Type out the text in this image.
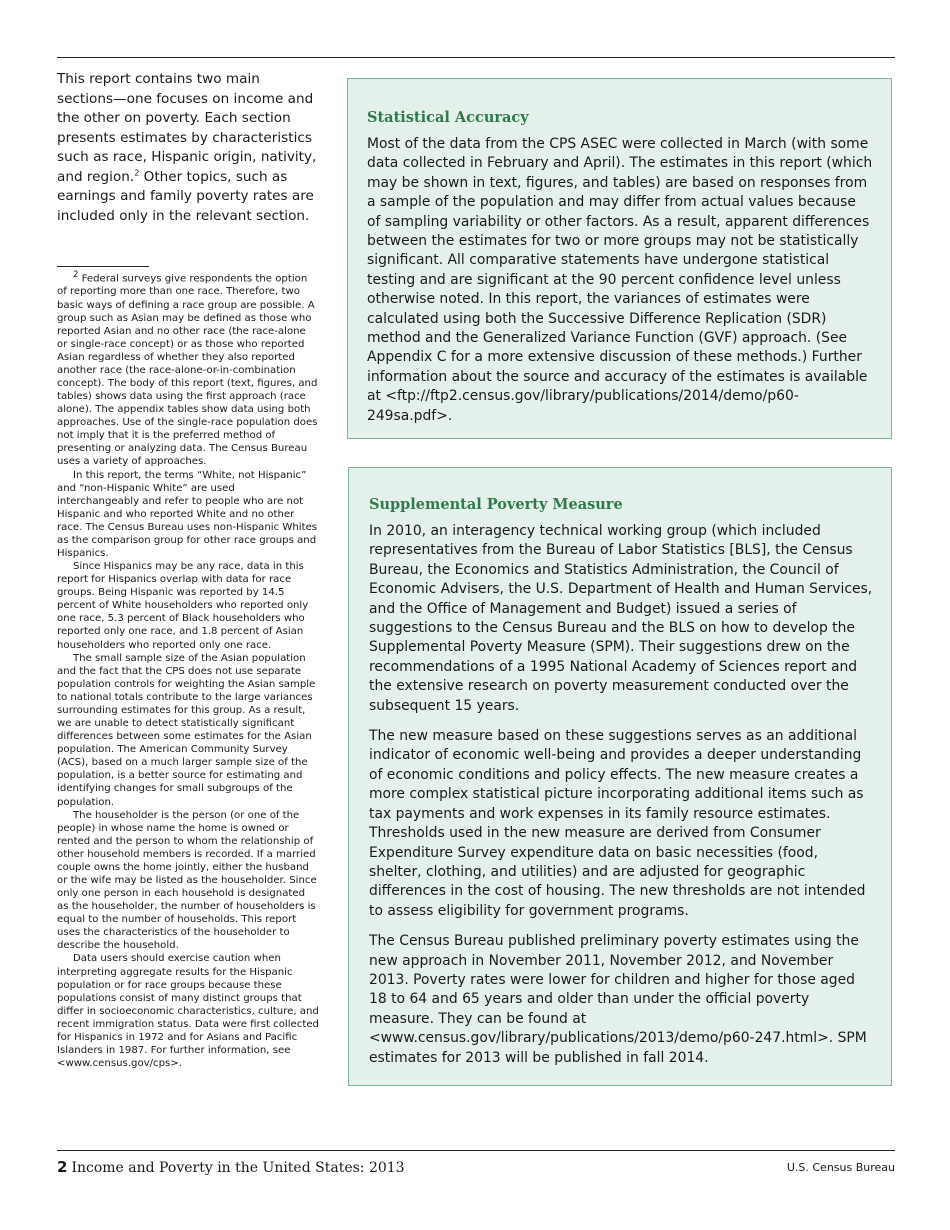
This report contains two main sections—one focuses on income and the other on poverty. Each section presents estimates by characteristics such as race, Hispanic origin, nativity, and region.$^2$ Other topics, such as earnings and family poverty rates are included only in the relevant section.

$^2$ Federal surveys give respondents the option of reporting more than one race. Therefore, two basic ways of defining a race group are possible. A group such as Asian may be defined as those who reported Asian and no other race (the race-alone or single-race concept) or as those who reported Asian regardless of whether they also reported another race (the race-alone-or-in-combination concept). The body of this report (text, figures, and tables) shows data using the first approach (race alone). The appendix tables show data using both approaches. Use of the single-race population does not imply that it is the preferred method of presenting or analyzing data. The Census Bureau uses a variety of approaches.

In this report, the terms “White, not Hispanic” and “non-Hispanic White” are used interchangeably and refer to people who are not Hispanic and who reported White and no other race. The Census Bureau uses non-Hispanic Whites as the comparison group for other race groups and Hispanics.

Since Hispanics may be any race, data in this report for Hispanics overlap with data for race groups. Being Hispanic was reported by 14.5 percent of White householders who reported only one race, 5.3 percent of Black householders who reported only one race, and 1.8 percent of Asian householders who reported only one race.

The small sample size of the Asian population and the fact that the CPS does not use separate population controls for weighting the Asian sample to national totals contribute to the large variances surrounding estimates for this group. As a result, we are unable to detect statistically significant differences between some estimates for the Asian population. The American Community Survey (ACS), based on a much larger sample size of the population, is a better source for estimating and identifying changes for small subgroups of the population.

The householder is the person (or one of the people) in whose name the home is owned or rented and the person to whom the relationship of other household members is recorded. If a married couple owns the home jointly, either the husband or the wife may be listed as the householder. Since only one person in each household is designated as the householder, the number of householders is equal to the number of households. This report uses the characteristics of the householder to describe the household.

Data users should exercise caution when interpreting aggregate results for the Hispanic population or for race groups because these populations consist of many distinct groups that differ in socioeconomic characteristics, culture, and recent immigration status. Data were first collected for Hispanics in 1972 and for Asians and Pacific Islanders in 1987. For further information, see <www.census.gov/cps>.

Statistical Accuracy

Most of the data from the CPS ASEC were collected in March (with some data collected in February and April). The estimates in this report (which may be shown in text, figures, and tables) are based on responses from a sample of the population and may differ from actual values because of sampling variability or other factors. As a result, apparent differences between the estimates for two or more groups may not be statistically significant. All comparative statements have undergone statistical testing and are significant at the 90 percent confidence level unless otherwise noted. In this report, the variances of estimates were calculated using both the Successive Difference Replication (SDR) method and the Generalized Variance Function (GVF) approach. (See Appendix C for a more extensive discussion of these methods.) Further information about the source and accuracy of the estimates is available at <ftp://ftp2.census.gov/library/publications/2014/demo/p60-249sa.pdf>.

Supplemental Poverty Measure

In 2010, an interagency technical working group (which included representatives from the Bureau of Labor Statistics [BLS], the Census Bureau, the Economics and Statistics Administration, the Council of Economic Advisers, the U.S. Department of Health and Human Services, and the Office of Management and Budget) issued a series of suggestions to the Census Bureau and the BLS on how to develop the Supplemental Poverty Measure (SPM). Their suggestions drew on the recommendations of a 1995 National Academy of Sciences report and the extensive research on poverty measurement conducted over the subsequent 15 years.

The new measure based on these suggestions serves as an additional indicator of economic well-being and provides a deeper understanding of economic conditions and policy effects. The new measure creates a more complex statistical picture incorporating additional items such as tax payments and work expenses in its family resource estimates. Thresholds used in the new measure are derived from Consumer Expenditure Survey expenditure data on basic necessities (food, shelter, clothing, and utilities) and are adjusted for geographic differences in the cost of housing. The new thresholds are not intended to assess eligibility for government programs.

The Census Bureau published preliminary poverty estimates using the new approach in November 2011, November 2012, and November 2013. Poverty rates were lower for children and higher for those aged 18 to 64 and 65 years and older than under the official poverty measure. They can be found at <www.census.gov/library/publications/2013/demo/p60-247.html>. SPM estimates for 2013 will be published in fall 2014.

2 Income and Poverty in the United States: 2013	U.S. Census Bureau
